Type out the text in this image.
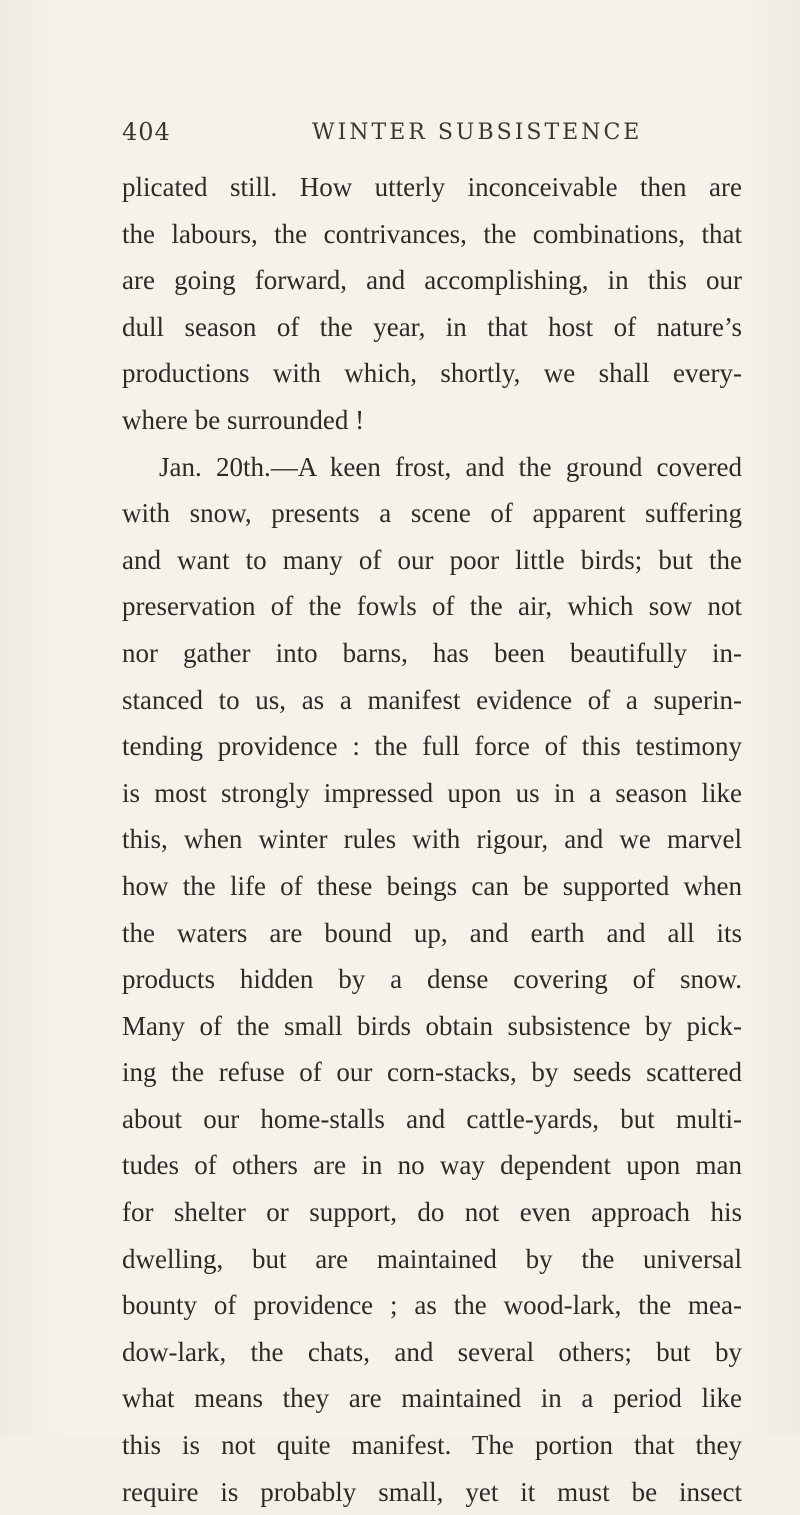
404	WINTER SUBSISTENCE
plicated still. How utterly inconceivable then are
the labours, the contrivances, the combinations, that
are going forward, and accomplishing, in this our
dull season of the year, in that host of nature’s
productions with which, shortly, we shall every-
where be surrounded !
Jan. 20th.—A keen frost, and the ground covered
with snow, presents a scene of apparent suffering
and want to many of our poor little birds; but the
preservation of the fowls of the air, which sow not
nor gather into barns, has been beautifully in-
stanced to us, as a manifest evidence of a superin-
tending providence : the full force of this testimony
is most strongly impressed upon us in a season like
this, when winter rules with rigour, and we marvel
how the life of these beings can be supported when
the waters are bound up, and earth and all its
products hidden by a dense covering of snow.
Many of the small birds obtain subsistence by pick-
ing the refuse of our corn-stacks, by seeds scattered
about our home-stalls and cattle-yards, but multi-
tudes of others are in no way dependent upon man
for shelter or support, do not even approach his
dwelling, but are maintained by the universal
bounty of providence ; as the wood-lark, the mea-
dow-lark, the chats, and several others; but by
what means they are maintained in a period like
this is not quite manifest. The portion that they
require is probably small, yet it must be insect
